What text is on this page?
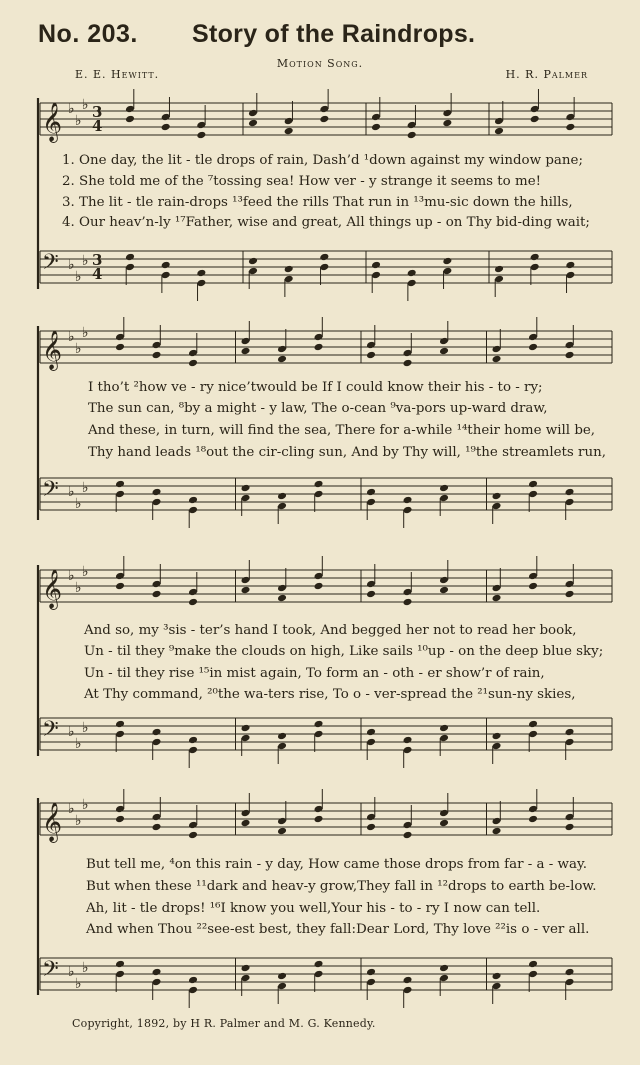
No. 203. Story of the Raindrops.
Motion Song.
E. E. Hewitt.	H. R. Palmer
𝄞 ♭
♭
♭ 3
4
𝄢 ♭
♭
♭ 3
4
𝄞 ♭
♭
♭
𝄢 ♭
♭
♭
𝄞 ♭
♭
♭
𝄢 ♭
♭
♭
𝄞 ♭
♭
♭
𝄢 ♭
♭
♭
1. One day, the lit - tle drops of rain, Dash’d ¹down against my window pane;
2. She told me of the ⁷tossing sea! How ver - y strange it seems to me!
3. The lit - tle rain-drops ¹³feed the rills That run in ¹³mu-sic down the hills,
4. Our heav’n-ly ¹⁷Father, wise and great, All things up - on Thy bid-ding wait;
I tho’t ²how ve - ry nice’twould be If I could know their his - to - ry;
The sun can, ⁸by a might - y law, The o-cean ⁹va-pors up-ward draw,
And these, in turn, will find the sea, There for a-while ¹⁴their home will be,
Thy hand leads ¹⁸out the cir-cling sun, And by Thy will, ¹⁹the streamlets run,
And so, my ³sis - ter’s hand I took, And begged her not to read her book,
Un - til they ⁹make the clouds on high, Like sails ¹⁰up - on the deep blue sky;
Un - til they rise ¹⁵in mist again, To form an - oth - er show’r of rain,
At Thy command, ²⁰the wa-ters rise, To o - ver-spread the ²¹sun-ny skies,
But tell me, ⁴on this rain - y day, How came those drops from far - a - way.
But when these ¹¹dark and heav-y grow,They fall in ¹²drops to earth be-low.
Ah, lit - tle drops! ¹⁶I know you well,Your his - to - ry I now can tell.
And when Thou ²²see-est best, they fall:Dear Lord, Thy love ²²is o - ver all.
Copyright, 1892, by H R. Palmer and M. G. Kennedy.
